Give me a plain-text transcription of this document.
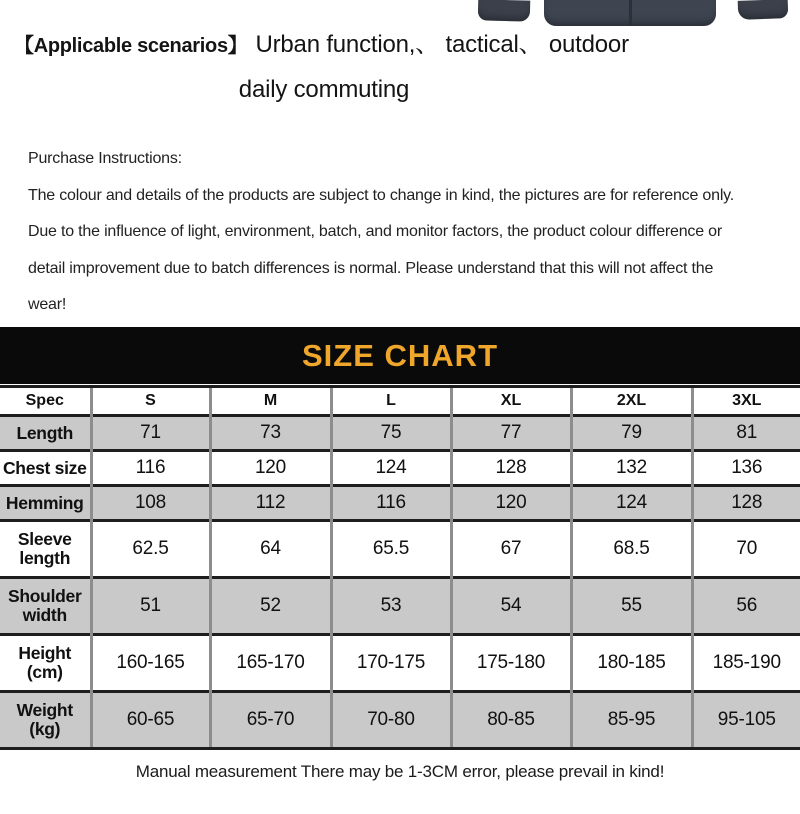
【Applicable scenarios】 Urban function,、 tactical、 outdoor
daily commuting
Purchase Instructions:
The colour and details of the products are subject to change in kind, the pictures are for reference only.
Due to the influence of light, environment, batch, and monitor factors, the product colour difference or
detail improvement due to batch differences is normal. Please understand that this will not affect the
wear!
SIZE CHART
Spec	S	M	L	XL	2XL	3XL
Length	71	73	75	77	79	81
Chest size	116	120	124	128	132	136
Hemming	108	112	116	120	124	128
Sleeve length	62.5	64	65.5	67	68.5	70
Shoulder width	51	52	53	54	55	56
Height (cm)	160-165	165-170	170-175	175-180	180-185	185-190
Weight (kg)	60-65	65-70	70-80	80-85	85-95	95-105
Manual measurement There may be 1-3CM error, please prevail in kind!
